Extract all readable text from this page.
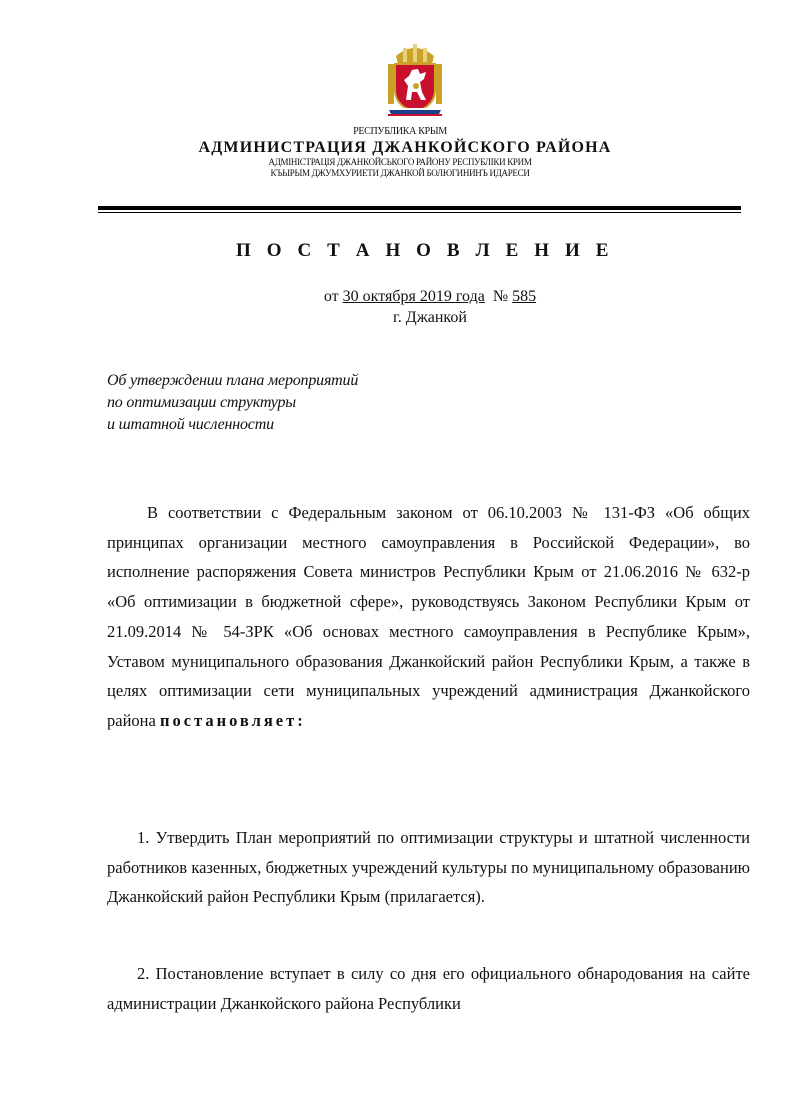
РЕСПУБЛИКА КРЫМ
АДМИНИСТРАЦИЯ ДЖАНКОЙСКОГО РАЙОНА
АДМІНІСТРАЦІЯ ДЖАНКОЙСЬКОГО РАЙОНУ РЕСПУБЛІКИ КРИМ
КЪЫРЫМ ДЖУМХУРИЕТИ ДЖАНКОЙ БОЛЮГИНИНЪ ИДАРЕСИ
П О С Т А Н О В Л Е Н И Е
от 30 октября 2019 года № 585
г. Джанкой
Об утверждении плана мероприятий
по оптимизации структуры
и штатной численности
В соответствии с Федеральным законом от 06.10.2003 № 131-ФЗ «Об общих принципах организации местного самоуправления в Российской Федерации», во исполнение распоряжения Совета министров Республики Крым от 21.06.2016 № 632-р «Об оптимизации в бюджетной сфере», руководствуясь Законом Республики Крым от 21.09.2014 № 54-ЗРК «Об основах местного самоуправления в Республике Крым», Уставом муниципального образования Джанкойский район Республики Крым, а также в целях оптимизации сети муниципальных учреждений администрация Джанкойского района постановляет:
1. Утвердить План мероприятий по оптимизации структуры и штатной численности работников казенных, бюджетных учреждений культуры по муниципальному образованию Джанкойский район Республики Крым (прилагается).
2. Постановление вступает в силу со дня его официального обнародования на сайте администрации Джанкойского района Республики
